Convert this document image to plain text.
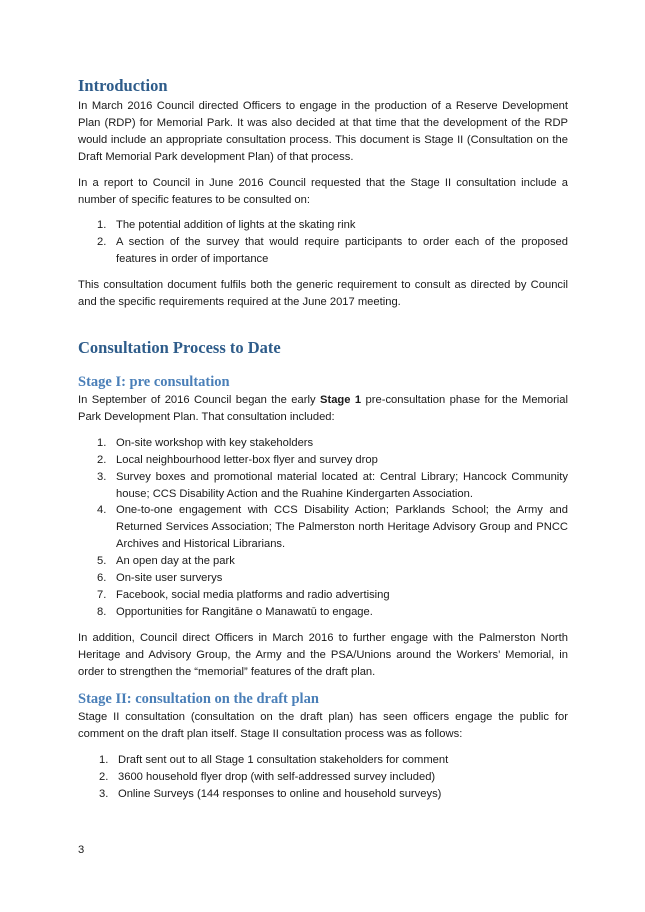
Introduction

In March 2016 Council directed Officers to engage in the production of a Reserve Development Plan (RDP) for Memorial Park. It was also decided at that time that the development of the RDP would include an appropriate consultation process. This document is Stage II (Consultation on the Draft Memorial Park development Plan) of that process.

In a report to Council in June 2016 Council requested that the Stage II consultation include a number of specific features to be consulted on:

1. The potential addition of lights at the skating rink
2. A section of the survey that would require participants to order each of the proposed features in order of importance

This consultation document fulfils both the generic requirement to consult as directed by Council and the specific requirements required at the June 2017 meeting.

Consultation Process to Date
Stage I: pre consultation

In September of 2016 Council began the early Stage 1 pre-consultation phase for the Memorial Park Development Plan. That consultation included:

1. On-site workshop with key stakeholders
2. Local neighbourhood letter-box flyer and survey drop
3. Survey boxes and promotional material located at: Central Library; Hancock Community house; CCS Disability Action and the Ruahine Kindergarten Association.
4. One-to-one engagement with CCS Disability Action; Parklands School; the Army and Returned Services Association; The Palmerston north Heritage Advisory Group and PNCC Archives and Historical Librarians.
5. An open day at the park
6. On-site user surverys
7. Facebook, social media platforms and radio advertising
8. Opportunities for Rangitāne o Manawatū to engage.

In addition, Council direct Officers in March 2016 to further engage with the Palmerston North Heritage and Advisory Group, the Army and the PSA/Unions around the Workers’ Memorial, in order to strengthen the “memorial” features of the draft plan.

Stage II: consultation on the draft plan

Stage II consultation (consultation on the draft plan) has seen officers engage the public for comment on the draft plan itself. Stage II consultation process was as follows:

1. Draft sent out to all Stage 1 consultation stakeholders for comment
2. 3600 household flyer drop (with self-addressed survey included)
3. Online Surveys (144 responses to online and household surveys)
3
